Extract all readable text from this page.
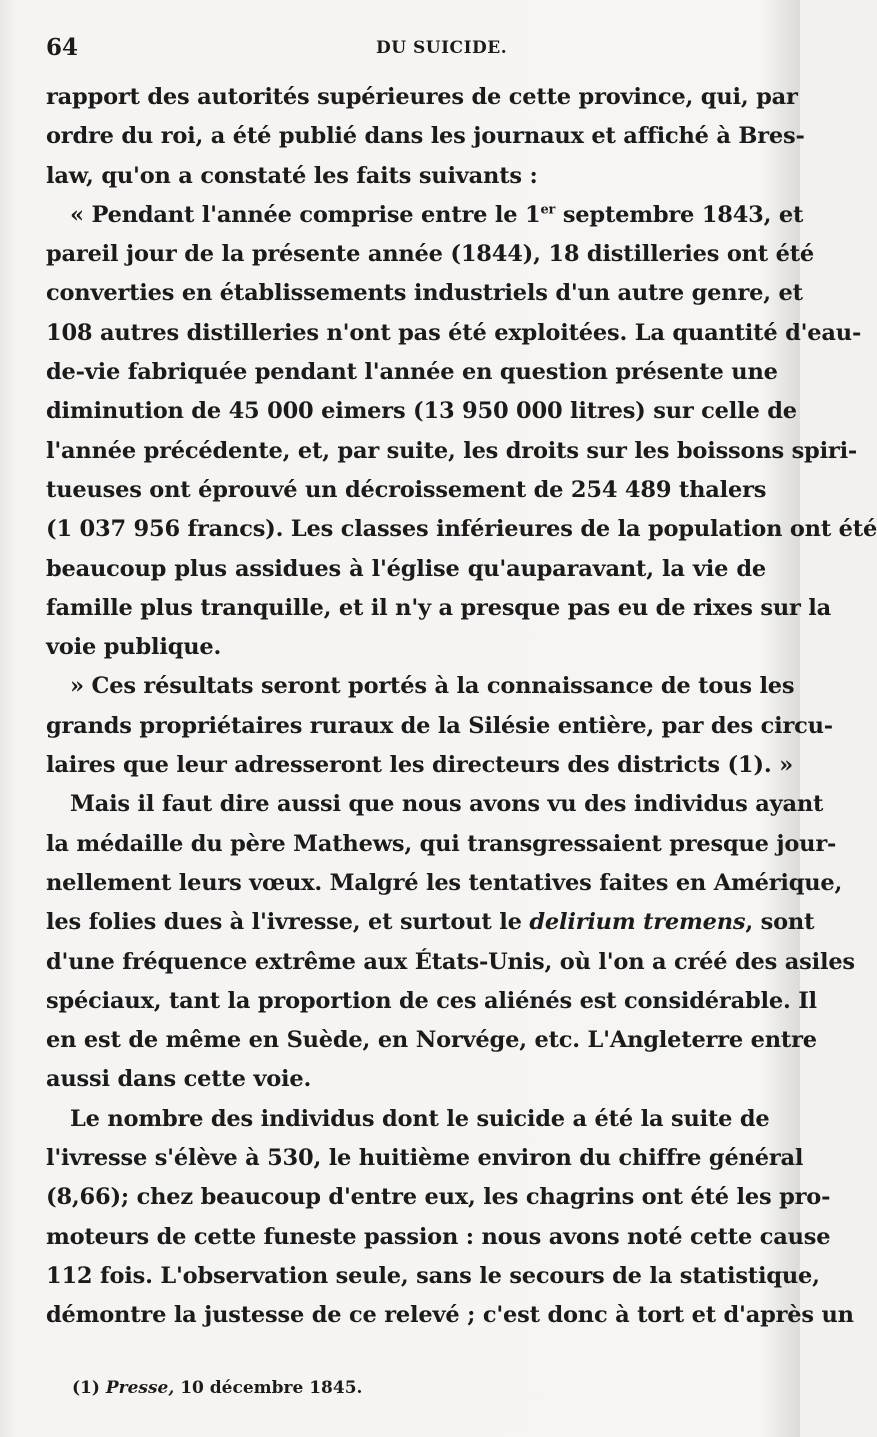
64	DU SUICIDE.
rapport des autorités supérieures de cette province, qui, par
ordre du roi, a été publié dans les journaux et affiché à Bres-
law, qu'on a constaté les faits suivants :
« Pendant l'année comprise entre le 1er septembre 1843, et
pareil jour de la présente année (1844), 18 distilleries ont été
converties en établissements industriels d'un autre genre, et
108 autres distilleries n'ont pas été exploitées. La quantité d'eau-
de-vie fabriquée pendant l'année en question présente une
diminution de 45 000 eimers (13 950 000 litres) sur celle de
l'année précédente, et, par suite, les droits sur les boissons spiri-
tueuses ont éprouvé un décroissement de 254 489 thalers
(1 037 956 francs). Les classes inférieures de la population ont été
beaucoup plus assidues à l'église qu'auparavant, la vie de
famille plus tranquille, et il n'y a presque pas eu de rixes sur la
voie publique.
» Ces résultats seront portés à la connaissance de tous les
grands propriétaires ruraux de la Silésie entière, par des circu-
laires que leur adresseront les directeurs des districts (1). »
Mais il faut dire aussi que nous avons vu des individus ayant
la médaille du père Mathews, qui transgressaient presque jour-
nellement leurs vœux. Malgré les tentatives faites en Amérique,
les folies dues à l'ivresse, et surtout le delirium tremens, sont
d'une fréquence extrême aux États-Unis, où l'on a créé des asiles
spéciaux, tant la proportion de ces aliénés est considérable. Il
en est de même en Suède, en Norvége, etc. L'Angleterre entre
aussi dans cette voie.
Le nombre des individus dont le suicide a été la suite de
l'ivresse s'élève à 530, le huitième environ du chiffre général
(8,66); chez beaucoup d'entre eux, les chagrins ont été les pro-
moteurs de cette funeste passion : nous avons noté cette cause
112 fois. L'observation seule, sans le secours de la statistique,
démontre la justesse de ce relevé ; c'est donc à tort et d'après un
(1) Presse, 10 décembre 1845.
